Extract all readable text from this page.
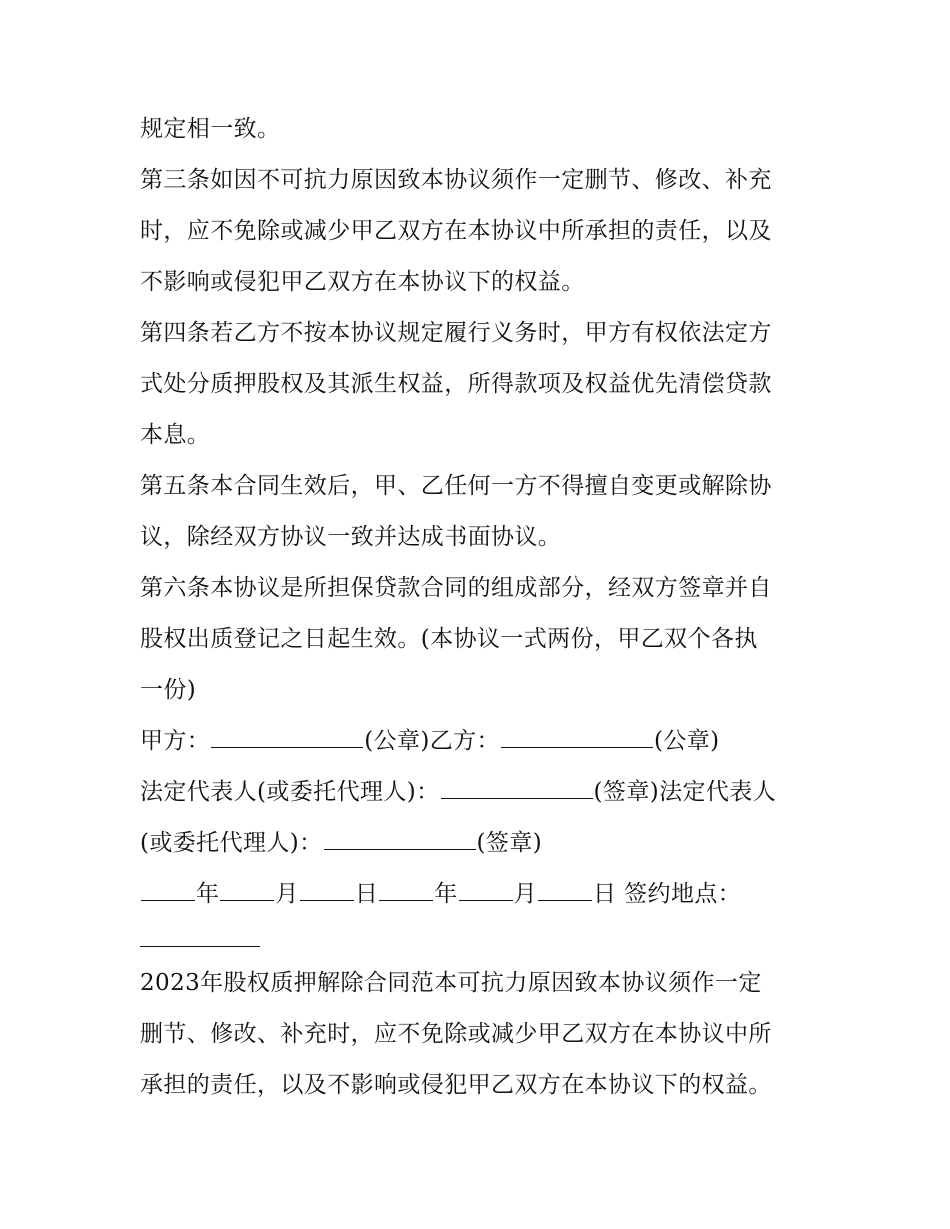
规定相一致。
第三条如因不可抗力原因致本协议须作一定删节、修改、补充
时，应不免除或减少甲乙双方在本协议中所承担的责任，以及
不影响或侵犯甲乙双方在本协议下的权益。
第四条若乙方不按本协议规定履行义务时，甲方有权依法定方
式处分质押股权及其派生权益，所得款项及权益优先清偿贷款
本息。
第五条本合同生效后，甲、乙任何一方不得擅自变更或解除协
议，除经双方协议一致并达成书面协议。
第六条本协议是所担保贷款合同的组成部分，经双方签章并自
股权出质登记之日起生效。(本协议一式两份，甲乙双个各执
一份)
甲方：	(公章)乙方：	(公章)
法定代表人(或委托代理人)：	(签章)法定代表人
(或委托代理人)：	(签章)
年 月 日 年 月 日 签约地点：
2023年股权质押解除合同范本可抗力原因致本协议须作一定
删节、修改、补充时，应不免除或减少甲乙双方在本协议中所
承担的责任，以及不影响或侵犯甲乙双方在本协议下的权益。
